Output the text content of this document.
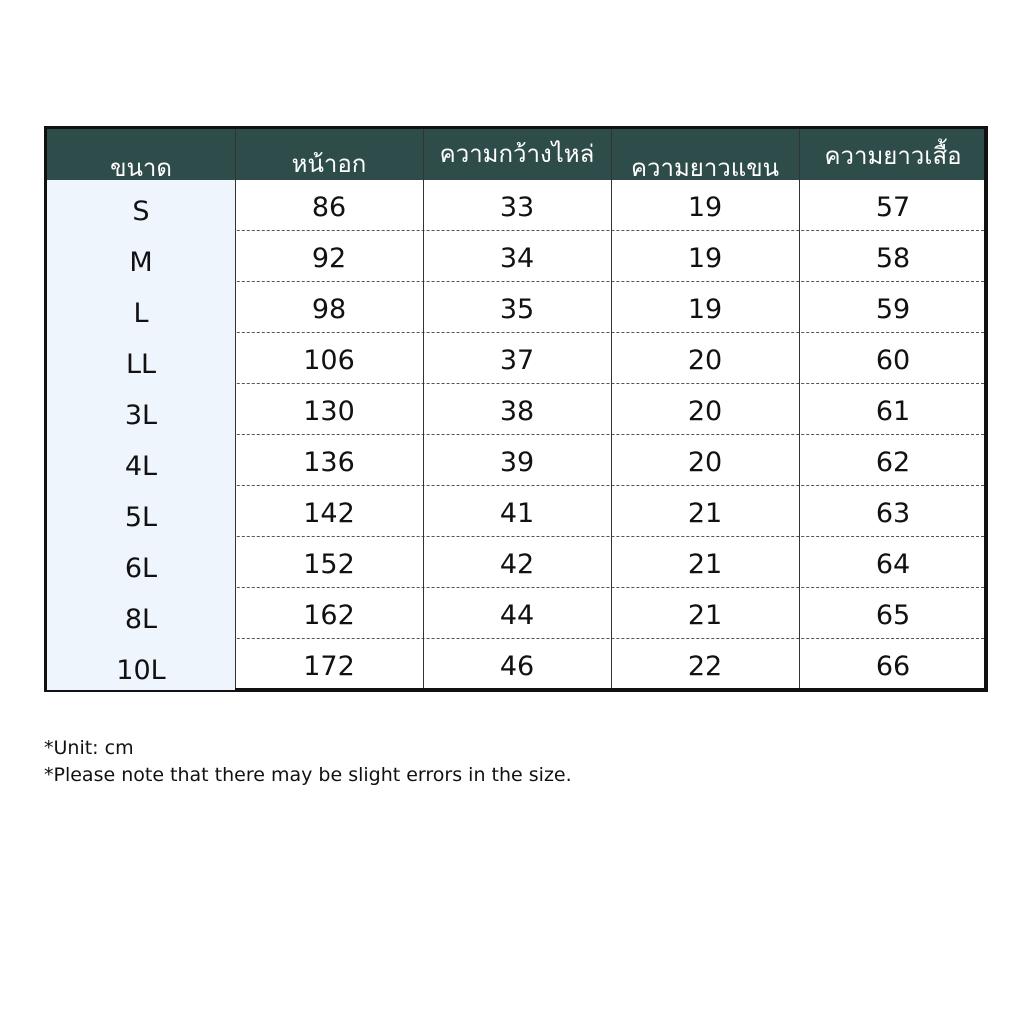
ขนาด	หน้าอก	ความกว้างไหล่	ความยาวแขน	ความยาวเสื้อ
S	86	33	19	57
M	92	34	19	58
L	98	35	19	59
LL	106	37	20	60
3L	130	38	20	61
4L	136	39	20	62
5L	142	41	21	63
6L	152	42	21	64
8L	162	44	21	65
10L	172	46	22	66
*Unit: cm
*Please note that there may be slight errors in the size.
